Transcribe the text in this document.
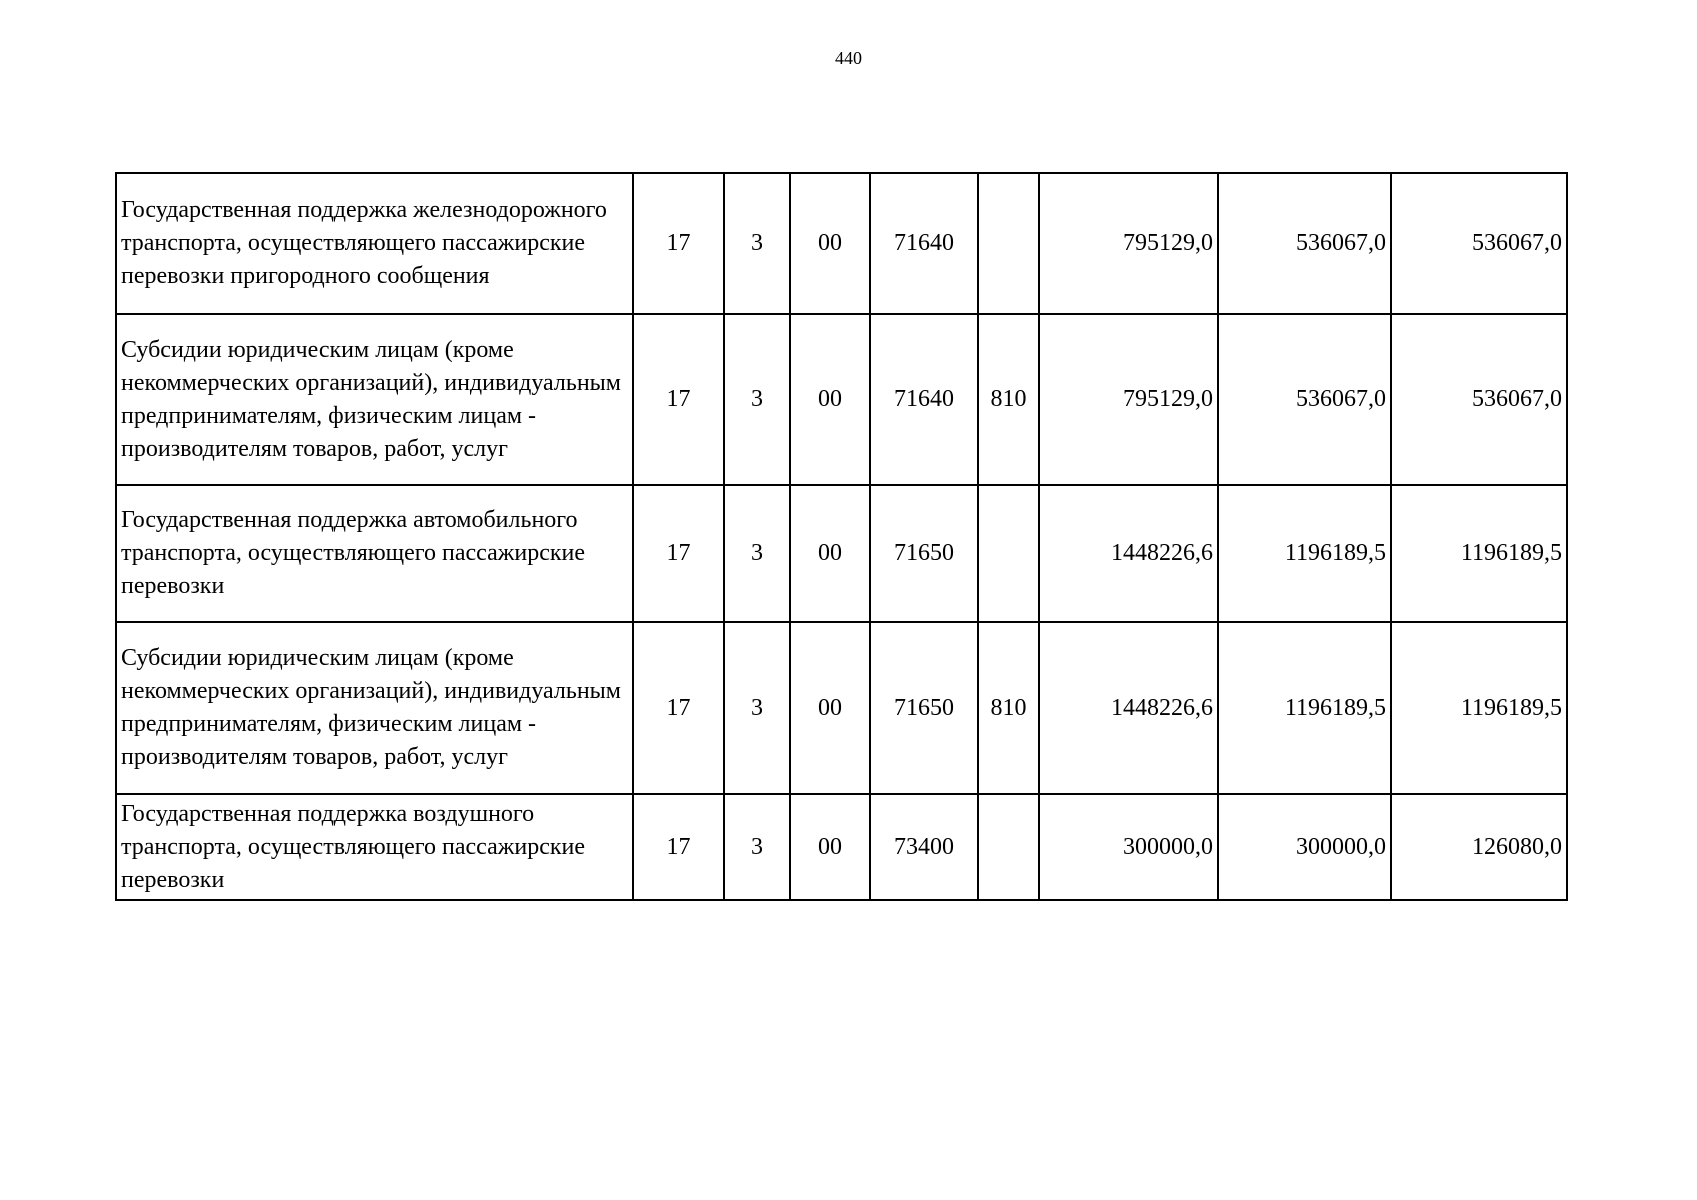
440
Государственная поддержка железнодорожного транспорта, осуществляющего пассажирские перевозки пригородного сообщения	17	3	00	71640		795129,0	536067,0	536067,0
Субсидии юридическим лицам (кроме некоммерческих организаций), индивидуальным предпринимателям, физическим лицам - производителям товаров, работ, услуг	17	3	00	71640	810	795129,0	536067,0	536067,0
Государственная поддержка автомобильного транспорта, осуществляющего пассажирские перевозки	17	3	00	71650		1448226,6	1196189,5	1196189,5
Субсидии юридическим лицам (кроме некоммерческих организаций), индивидуальным предпринимателям, физическим лицам - производителям товаров, работ, услуг	17	3	00	71650	810	1448226,6	1196189,5	1196189,5
Государственная поддержка воздушного транспорта, осуществляющего пассажирские перевозки	17	3	00	73400		300000,0	300000,0	126080,0
